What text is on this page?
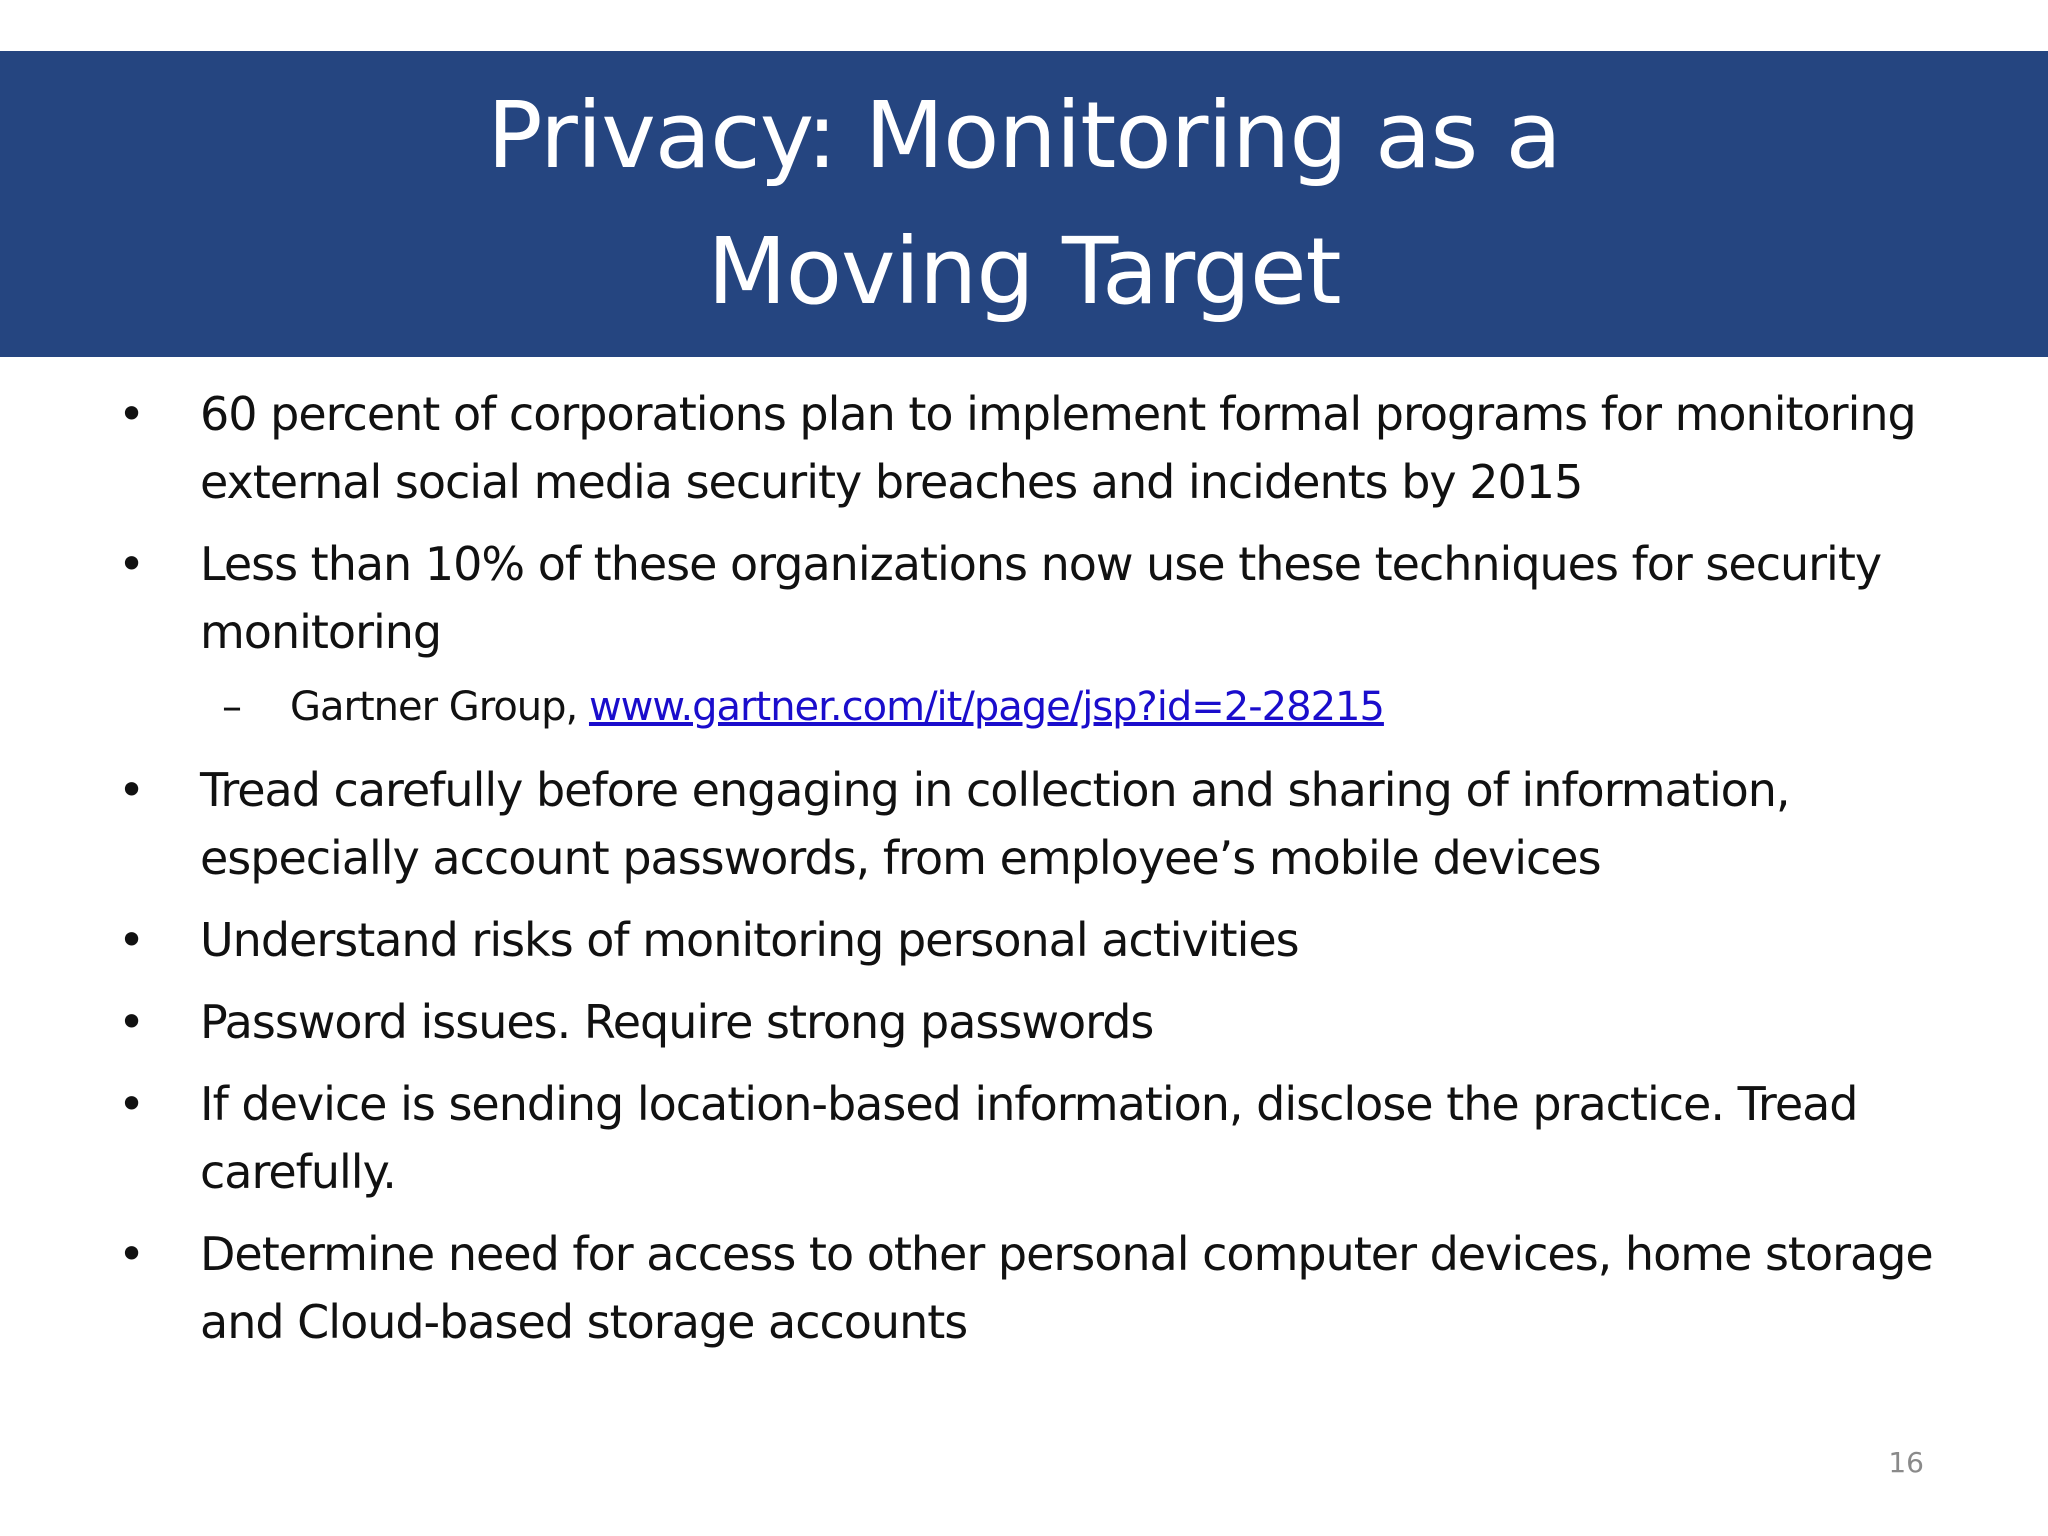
Privacy: Monitoring as a
Moving Target
• 60 percent of corporations plan to implement formal programs for monitoring external social media security breaches and incidents by 2015
• Less than 10% of these organizations now use these techniques for security monitoring
– Gartner Group, www.gartner.com/it/page/jsp?id=2-28215
• Tread carefully before engaging in collection and sharing of information, especially account passwords, from employee’s mobile devices
• Understand risks of monitoring personal activities
• Password issues. Require strong passwords
• If device is sending location-based information, disclose the practice. Tread carefully.
• Determine need for access to other personal computer devices, home storage and Cloud-based storage accounts
16
